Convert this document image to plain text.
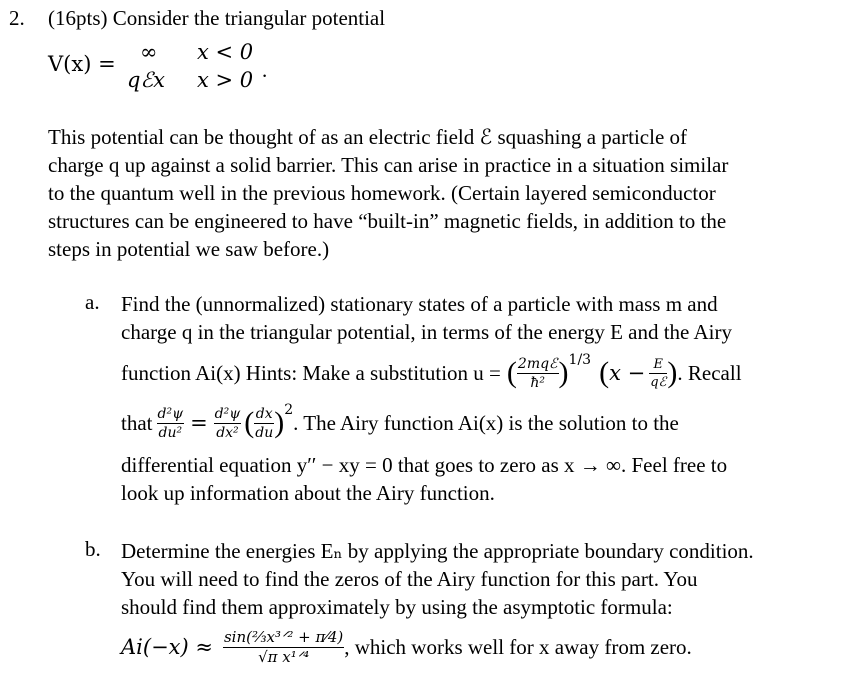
2. (16pts) Consider the triangular potential
V(x) = ∞ x < 0
qℰx x > 0 .
This potential can be thought of as an electric field ℰ squashing a particle of
charge q up against a solid barrier. This can arise in practice in a situation similar
to the quantum well in the previous homework. (Certain layered semiconductor
structures can be engineered to have “built-in” magnetic fields, in addition to the
steps in potential we saw before.)
a. Find the (unnormalized) stationary states of a particle with mass m and
charge q in the triangular potential, in terms of the energy E and the Airy
function Ai(x) Hints: Make a substitution u = ( $\frac{\text{2mqℰ}}{\text{ħ²}}$ ) 1/3 ( $x - \frac{E}{\text{qℰ}}$ ) . Recall
that $\frac{\text{d²ψ}}{\text{du²}} = \frac{\text{d²ψ}}{\text{dx²}}$ ( $\frac{dx}{du}$ ) 2
. The Airy function Ai(x) is the solution to the
differential equation y′′ − xy = 0 that goes to zero as x → ∞. Feel free to
look up information about the Airy function.
b. Determine the energies Eₙ by applying the appropriate boundary condition.
You will need to find the zeros of the Airy function for this part. You
should find them approximately by using the asymptotic formula:
$Ai(-x) \approx \frac{\text{sin(⅔x³ᐟ² + π⁄4)}}{\text{√π x¹ᐟ⁴}}$ , which works well for x away from zero.
